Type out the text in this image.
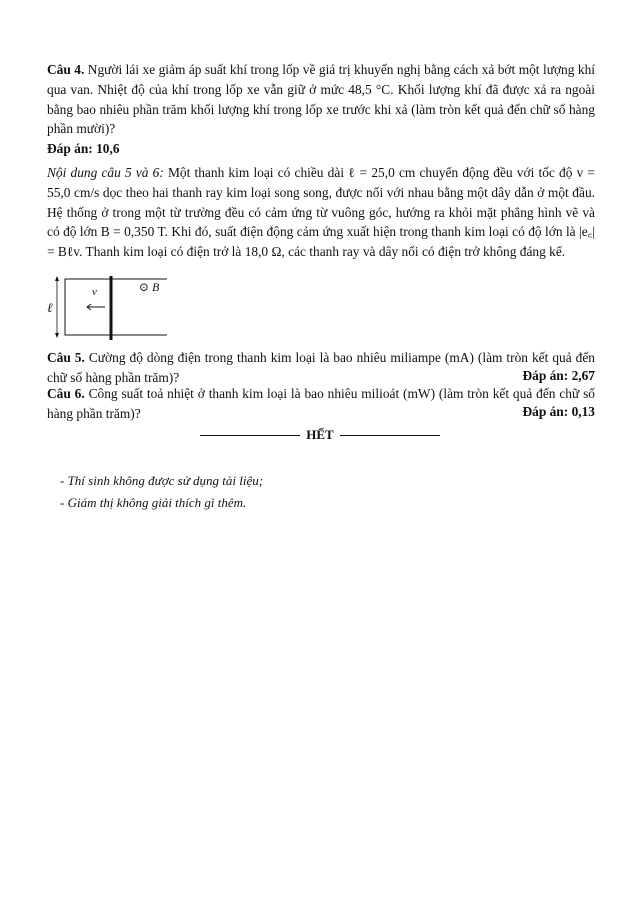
Câu 4. Người lái xe giảm áp suất khí trong lốp về giá trị khuyến nghị bằng cách xả bớt một lượng khí qua van. Nhiệt độ của khí trong lốp xe vẫn giữ ở mức 48,5 °C. Khối lượng khí đã được xả ra ngoài bằng bao nhiêu phần trăm khối lượng khí trong lốp xe trước khi xả (làm tròn kết quả đến chữ số hàng phần mười)?

Đáp án: 10,6

Nội dung câu 5 và 6: Một thanh kim loại có chiều dài ℓ = 25,0 cm chuyển động đều với tốc độ v = 55,0 cm/s dọc theo hai thanh ray kim loại song song, được nối với nhau bằng một dây dẫn ở một đầu. Hệ thống ở trong một từ trường đều có cảm ứng từ vuông góc, hướng ra khỏi mặt phẳng hình vẽ và có độ lớn B = 0,350 T. Khi đó, suất điện động cảm ứng xuất hiện trong thanh kim loại có độ lớn là |e꜀| = Bℓv. Thanh kim loại có điện trở là 18,0 Ω, các thanh ray và dây nối có điện trở không đáng kể.

ℓ
v⃗	⊙ B⃗

Câu 5. Cường độ dòng điện trong thanh kim loại là bao nhiêu miliampe (mA) (làm tròn kết quả đến chữ số hàng phần trăm)?	Đáp án: 2,67

Câu 6. Công suất toả nhiệt ở thanh kim loại là bao nhiêu milioát (mW) (làm tròn kết quả đến chữ số hàng phần trăm)?	Đáp án: 0,13
HẾT
- Thí sinh không được sử dụng tài liệu;
- Giám thị không giải thích gì thêm.
